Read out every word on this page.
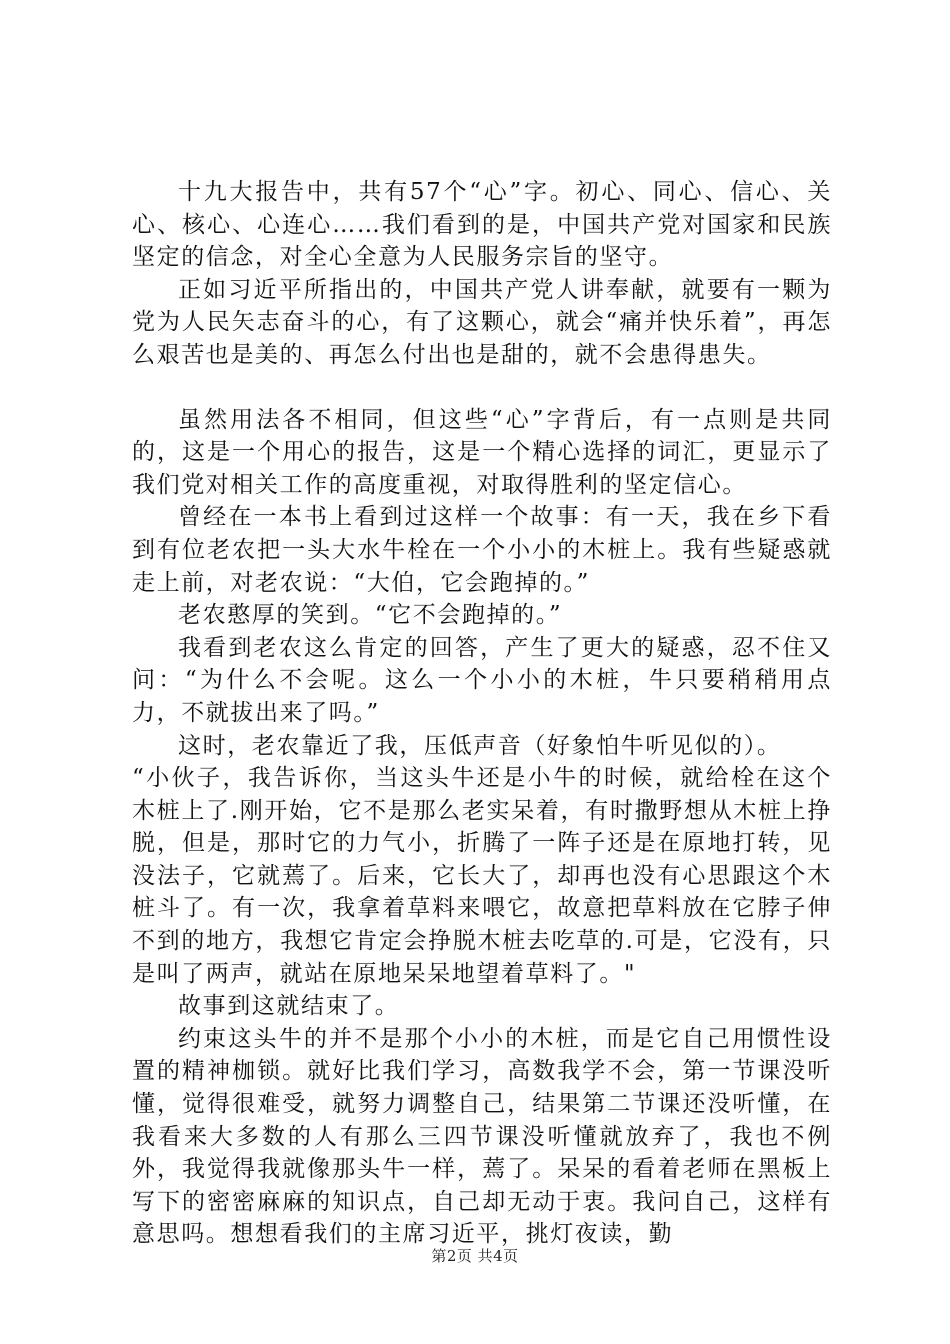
十九大报告中，共有57个“心”字。初心、同心、信心、关心、核心、心连心……我们看到的是，中国共产党对国家和民族坚定的信念，对全心全意为人民服务宗旨的坚守。

正如习近平所指出的，中国共产党人讲奉献，就要有一颗为党为人民矢志奋斗的心，有了这颗心，就会“痛并快乐着”，再怎么艰苦也是美的、再怎么付出也是甜的，就不会患得患失。

虽然用法各不相同，但这些“心”字背后，有一点则是共同的，这是一个用心的报告，这是一个精心选择的词汇，更显示了我们党对相关工作的高度重视，对取得胜利的坚定信心。

曾经在一本书上看到过这样一个故事：有一天，我在乡下看到有位老农把一头大水牛栓在一个小小的木桩上。我有些疑惑就走上前，对老农说：“大伯，它会跑掉的。”

老农憨厚的笑到。“它不会跑掉的。”

我看到老农这么肯定的回答，产生了更大的疑惑，忍不住又问：“为什么不会呢。这么一个小小的木桩，牛只要稍稍用点力，不就拔出来了吗。”

这时，老农靠近了我，压低声音（好象怕牛听见似的）。

“小伙子，我告诉你，当这头牛还是小牛的时候，就给栓在这个木桩上了.刚开始，它不是那么老实呆着，有时撒野想从木桩上挣脱，但是，那时它的力气小，折腾了一阵子还是在原地打转，见没法子，它就蔫了。后来，它长大了，却再也没有心思跟这个木桩斗了。有一次，我拿着草料来喂它，故意把草料放在它脖子伸不到的地方，我想它肯定会挣脱木桩去吃草的.可是，它没有，只是叫了两声，就站在原地呆呆地望着草料了。"

故事到这就结束了。

约束这头牛的并不是那个小小的木桩，而是它自己用惯性设置的精神枷锁。就好比我们学习，高数我学不会，第一节课没听懂，觉得很难受，就努力调整自己，结果第二节课还没听懂，在我看来大多数的人有那么三四节课没听懂就放弃了，我也不例外，我觉得我就像那头牛一样，蔫了。呆呆的看着老师在黑板上写下的密密麻麻的知识点，自己却无动于衷。我问自己，这样有意思吗。想想看我们的主席习近平，挑灯夜读，勤

第2页 共4页
